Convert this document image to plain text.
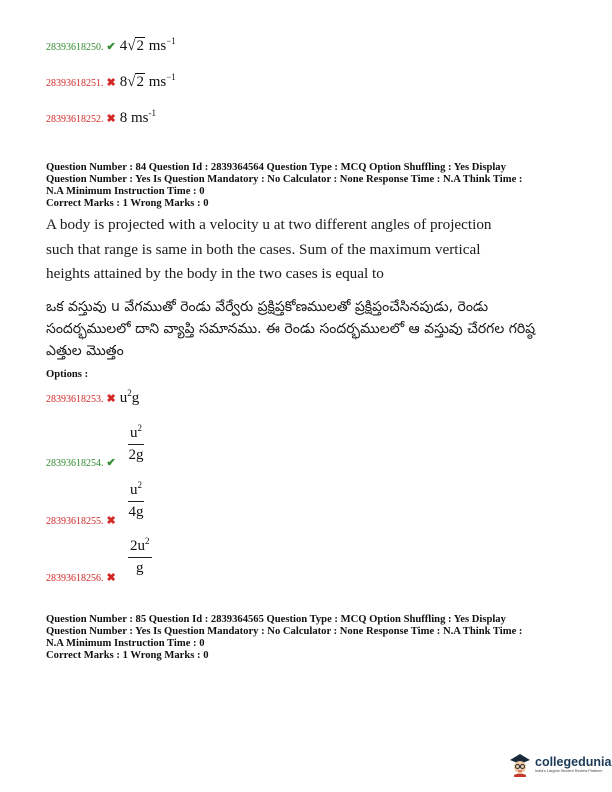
28393618250. ✔ 4√2 $ms^{-1}$
28393618251. ✖ 8√2 $ms^{-1}$
28393618252. ✖ 8 $ms^{-1}$
Question Number : 84 Question Id : 2839364564 Question Type : MCQ Option Shuffling : Yes Display
Question Number : Yes Is Question Mandatory : No Calculator : None Response Time : N.A Think Time :
N.A Minimum Instruction Time : 0
Correct Marks : 1 Wrong Marks : 0
A body is projected with a velocity u at two different angles of projection such that range is same in both the cases. Sum of the maximum vertical heights attained by the body in the two cases is equal to
ఒక వస్తువు u వేగముతో రెండు వేర్వేరు ప్రక్షిప్తకోణములతో ప్రక్షిప్తంచేసినపుడు, రెండు సందర్భములలో దాని వ్యాప్తి సమానము. ఈ రెండు సందర్భములలో ఆ వస్తువు చేరగల గరిష్ఠ ఎత్తుల మొత్తం
Options :
28393618253. ✖ $u^2g$
28393618254. ✔ $\frac{u^2}{2g}$
28393618255. ✖ $\frac{u^2}{4g}$
28393618256. ✖
$\frac{2u^2}{g}$
Question Number : 85 Question Id : 2839364565 Question Type : MCQ Option Shuffling : Yes Display
Question Number : Yes Is Question Mandatory : No Calculator : None Response Time : N.A Think Time :
N.A Minimum Instruction Time : 0
Correct Marks : 1 Wrong Marks : 0
collegedunia
India's Largest Student Review Platform
